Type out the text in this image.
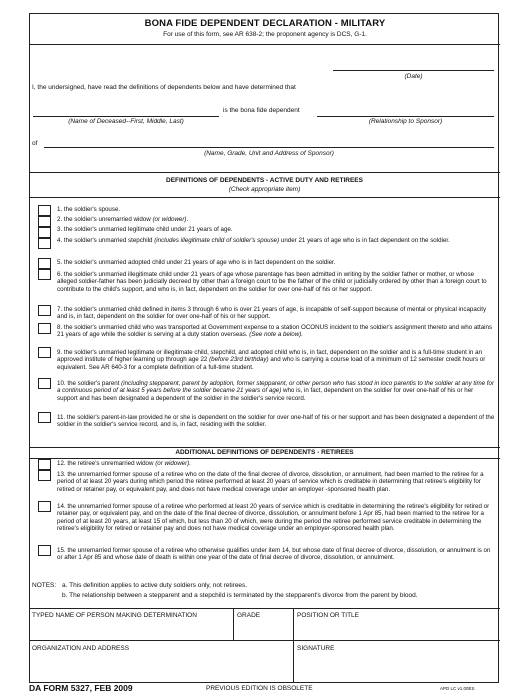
BONA FIDE DEPENDENT DECLARATION - MILITARY
For use of this form, see AR 638-2; the proponent agency is DCS, G-1.
(Date)
I, the undersigned, have read the definitions of dependents below and have determined that
is the bona fide dependent
(Name of Deceased--First, Middle, Last)	(Relationship to Sponsor)
of
(Name, Grade, Unit and Address of Sponsor)
DEFINITIONS OF DEPENDENTS - ACTIVE DUTY AND RETIREES
(Check appropriate item)
1. the soldier's spouse.
2. the soldier's unremarried widow (or widower).
3. the soldier's unmarried legitimate child under 21 years of age.
4. the soldier's unmarried stepchild (includes illegitimate child of soldier's spouse) under 21 years of age who is in fact dependent on the soldier.
5. the soldier's unmarried adopted child under 21 years of age who is in fact dependent on the soldier.
6. the soldier's unmarried illegitimate child under 21 years of age whose parentage has been admitted in writing by the soldier father or mother, or whose alleged soldier-father has been judicially decreed by other than a foreign court to be the father of the child or judicially ordered by other than a foreign court to contribute to the child's support, and who is, in fact, dependent on the soldier for over one-half of his or her support.
7. the soldier's unmarried child defined in items 3 through 6 who is over 21 years of age, is incapable of self-support because of mental or physical incapacity and is, in fact, dependent on the soldier for over one-half of his or her support.
8. the soldier's unmarried child who was transported at Government expense to a station OCONUS incident to the soldier's assignment thereto and who attains 21 years of age while the soldier is serving at a duty station overseas. (See note a below).
9. the soldier's unmarried legitimate or illegitimate child, stepchild, and adopted child who is, in fact, dependent on the soldier and is a full-time student in an approved institute of higher learning up through age 22 (before 23rd birthday) and who is carrying a course load of a minimum of 12 semester credit hours or equivalent. See AR 640-3 for a complete definition of a full-time student.
10. the soldier's parent (including stepparent, parent by adoption, former stepparent, or other person who has stood in loco parentis to the soldier at any time for a continuous period of at least 5 years before the soldier became 21 years of age) who is, in fact, dependent on the soldier for over one-half of his or her support and has been designated a dependent of the soldier in the soldier's service record.
11. the soldier's parent-in-law provided he or she is dependent on the soldier for over one-half of his or her support and has been designated a dependent of the soldier in the soldier's service record, and is, in fact, residing with the soldier.
ADDITIONAL DEFINITIONS OF DEPENDENTS - RETIREES
12. the retiree's unremarried widow (or widower).
13. the unremarried former spouse of a retiree who on the date of the final decree of divorce, dissolution, or annulment, had been married to the retiree for a period of at least 20 years during which period the retiree performed at least 20 years of service which is creditable in determining that retiree's eligibility for retired or retainer pay, or equivalent pay, and does not have medical coverage under an employer -sponsored health plan.
14. the unremarried former spouse of a retiree who performed at least 20 years of service which is creditable in determining the retiree's eligibility for retired or retainer pay, or equivalent pay, and on the date of the final decree of divorce, dissolution, or annulment before 1 Apr 85, had been married to the retiree for a period of at least 20 years, at least 15 of which, but less than 20 of which, were during the period the retiree performed service creditable in determining the retiree's eligibility for retired or retainer pay and does not have medical coverage under an employer-sponsored health plan.
15. the unremarried former spouse of a retiree who otherwise qualifies under item 14, but whose date of final decree of divorce, dissolution, or annulment is on or after 1 Apr 85 and whose date of death is within one year of the date of final decree of divorce, dissolution, or annulment.
NOTES: a. This definition applies to active duty soldiers only, not retirees.
b. The relationship between a stepparent and a stepchild is terminated by the stepparent's divorce from the parent by blood.
TYPED NAME OF PERSON MAKING DETERMINATION	GRADE	POSITION OR TITLE
ORGANIZATION AND ADDRESS	SIGNATURE
DA FORM 5327, FEB 2009	PREVIOUS EDITION IS OBSOLETE	APD LC v1.00ES
